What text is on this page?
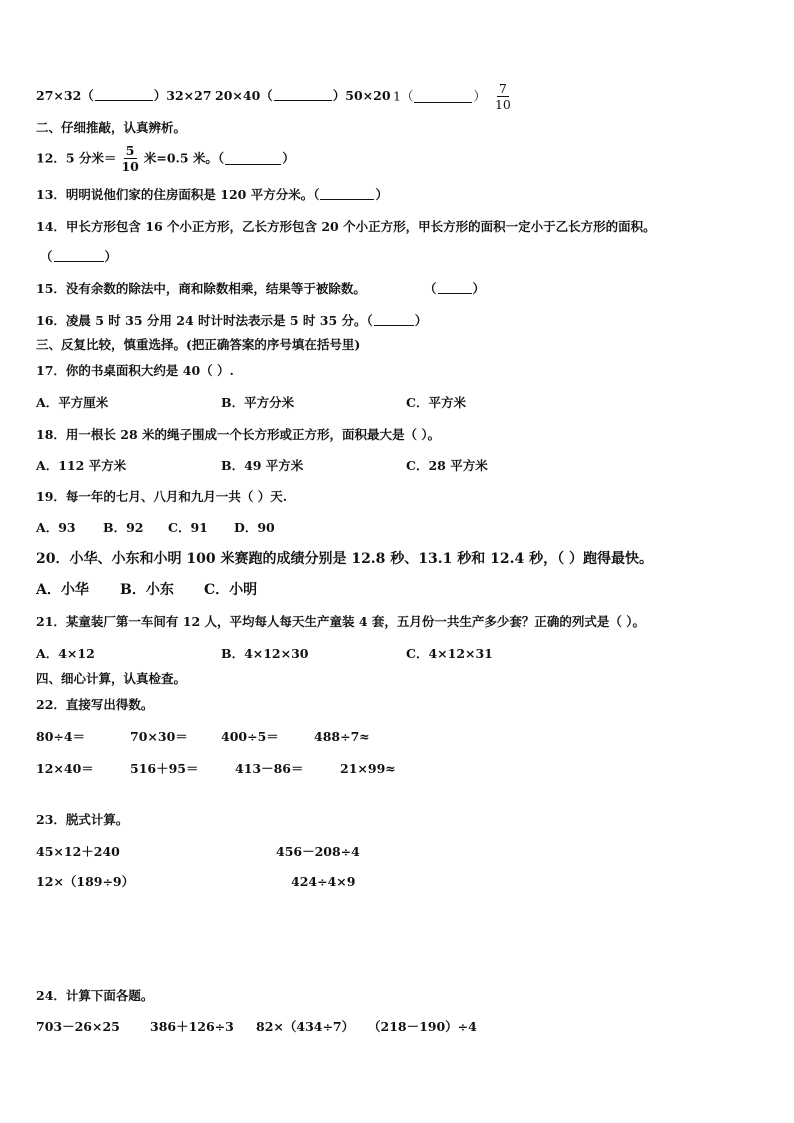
27×32（	）32×27 20×40（	）50×20 1（	） $\frac{7}{10}$
二、仔细推敲，认真辨析。
12．5 分米＝ $\frac{5}{10}$ 米=0.5 米。（	）
13．明明说他们家的住房面积是 120 平方分米。（	）
14．甲长方形包含 16 个小正方形，乙长方形包含 20 个小正方形，甲长方形的面积一定小于乙长方形的面积。
（	）
15．没有余数的除法中，商和除数相乘，结果等于被除数。	（	）
16．凌晨 5 时 35 分用 24 时计时法表示是 5 时 35 分。（	）
三、反复比较，慎重选择。(把正确答案的序号填在括号里)
17．你的书桌面积大约是 40（ ）.
A．平方厘米	B．平方分米	C．平方米
18．用一根长 28 米的绳子围成一个长方形或正方形，面积最大是（ ）。
A．112 平方米	B．49 平方米	C．28 平方米
19．每一年的七月、八月和九月一共（ ）天.
A．93 B．92 C．91 D．90
20．小华、小东和小明 100 米赛跑的成绩分别是 12.8 秒、13.1 秒和 12.4 秒，（ ）跑得最快。
A．小华 B．小东 C．小明
21．某童装厂第一车间有 12 人，平均每人每天生产童装 4 套，五月份一共生产多少套？正确的列式是（ ）。
A．4×12	B．4×12×30	C．4×12×31
四、细心计算，认真检查。
22．直接写出得数。
80÷4＝	70×30＝	400÷5＝	488÷7≈
12×40＝	516＋95＝	413－86＝	21×99≈
23．脱式计算。
45×12＋240	456－208÷4
12×（189÷9）	424÷4×9
24．计算下面各题。
703－26×25 386＋126÷3 82×（434÷7） （218－190）÷4
